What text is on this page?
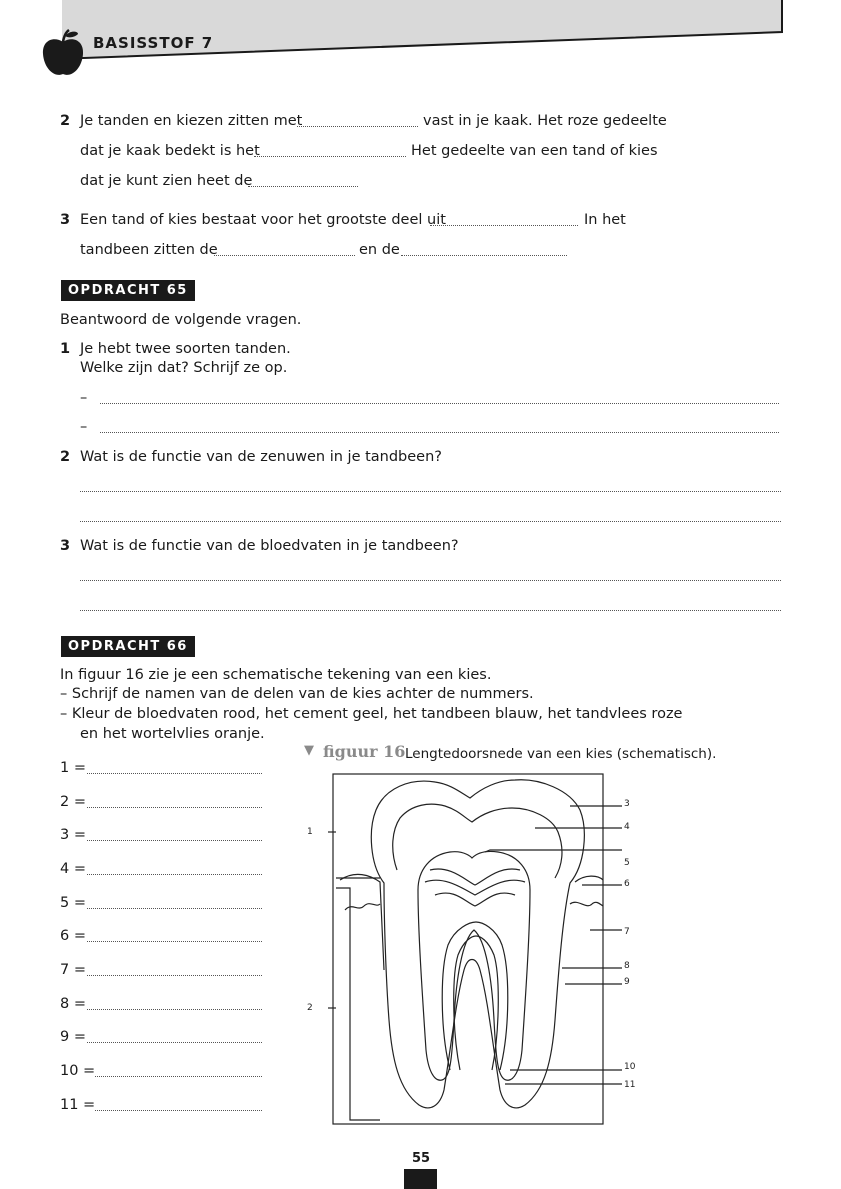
BASISSTOF 7
2 Je tanden en kiezen zitten met	vast in je kaak. Het roze gedeelte
dat je kaak bedekt is het	Het gedeelte van een tand of kies
dat je kunt zien heet de
3 Een tand of kies bestaat voor het grootste deel uit	In het
tandbeen zitten de	en de
OPDRACHT 65
Beantwoord de volgende vragen.
1 Je hebt twee soorten tanden.
Welke zijn dat? Schrijf ze op.
–
–
2 Wat is de functie van de zenuwen in je tandbeen?
3 Wat is de functie van de bloedvaten in je tandbeen?
OPDRACHT 66
In figuur 16 zie je een schematische tekening van een kies.
– Schrijf de namen van de delen van de kies achter de nummers.
– Kleur de bloedvaten rood, het cement geel, het tandbeen blauw, het tandvlees roze
en het wortelvlies oranje.
1 =
2 =
3 =
4 =
5 =
6 =
7 =
8 =
9 =
10 =
11 =
▼ figuur 16 Lengtedoorsnede van een kies (schematisch).
1
2
3
4
5
6
7
8
9
10
11
55
